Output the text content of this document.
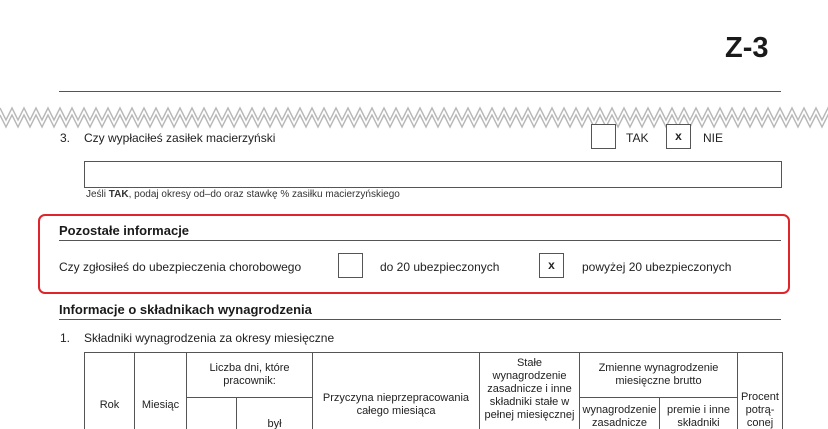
Z-3
3. Czy wypłaciłeś zasiłek macierzyński	TAK	x	NIE
Jeśli TAK, podaj okresy od–do oraz stawkę % zasiłku macierzyńskiego
Pozostałe informacje
Czy zgłosiłeś do ubezpieczenia chorobowego	do 20 ubezpieczonych	x	powyżej 20 ubezpieczonych
Informacje o składnikach wynagrodzenia
1. Składniki wynagrodzenia za okresy miesięczne
Rok	Miesiąc	Liczba dni, które pracownik:		Przyczyna nieprzepracowania całego miesiąca	Stałe wynagrodzenie zasadnicze i inne składniki stałe w pełnej miesięcznej	Zmienne wynagrodzenie miesięczne brutto		Procent potrą-conej
			był			wynagrodzenie zasadnicze	premie i inne składniki	
